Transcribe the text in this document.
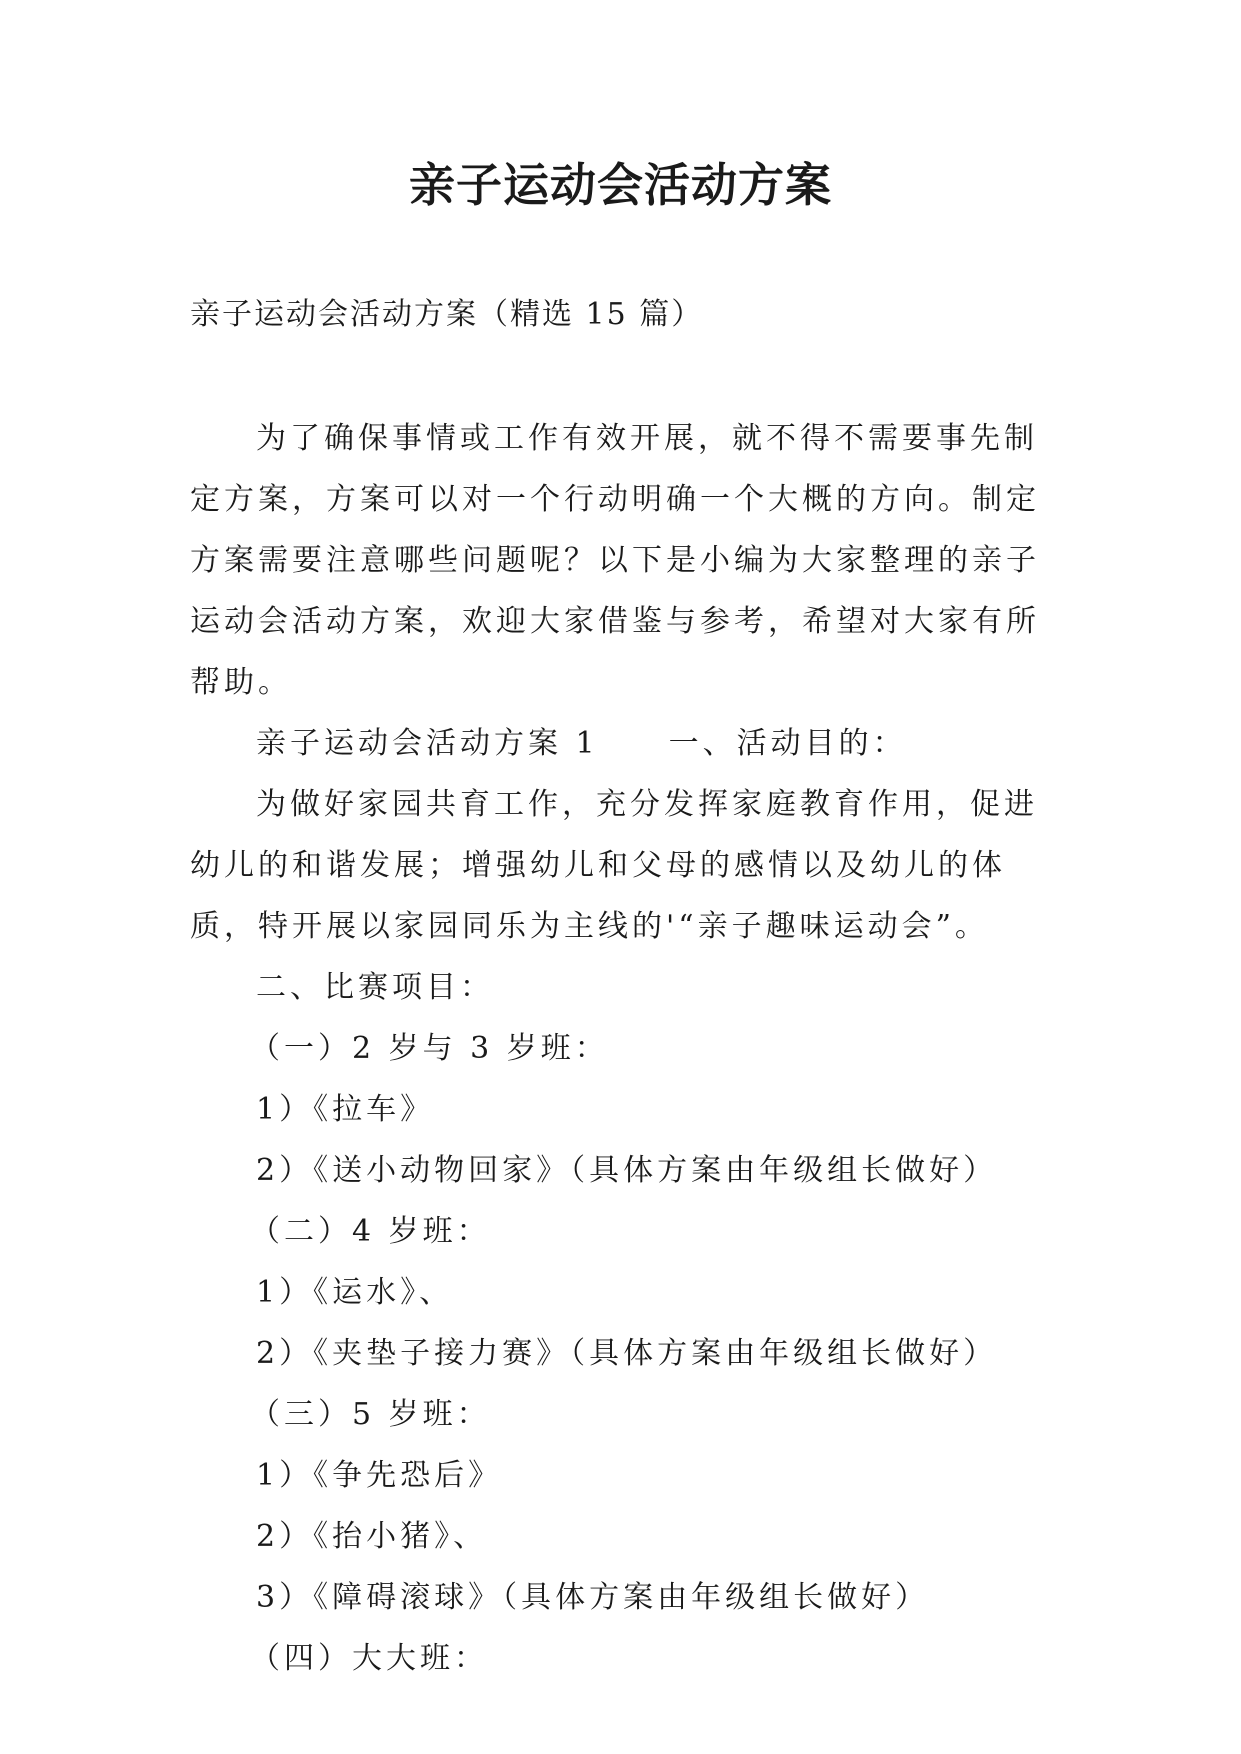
亲子运动会活动方案
亲子运动会活动方案（精选 15 篇）

为了确保事情或工作有效开展，就不得不需要事先制定方案，方案可以对一个行动明确一个大概的方向。制定方案需要注意哪些问题呢？以下是小编为大家整理的亲子运动会活动方案，欢迎大家借鉴与参考，希望对大家有所帮助。

亲子运动会活动方案 1 一、活动目的：

为做好家园共育工作，充分发挥家庭教育作用，促进幼儿的和谐发展；增强幼儿和父母的感情以及幼儿的体质，特开展以家园同乐为主线的'“亲子趣味运动会”。

二、比赛项目：

（一）2 岁与 3 岁班：

1）《拉车》

2）《送小动物回家》（具体方案由年级组长做好）

（二）4 岁班：

1）《运水》、

2）《夹垫子接力赛》（具体方案由年级组长做好）

（三）5 岁班：

1）《争先恐后》

2）《抬小猪》、

3）《障碍滚球》（具体方案由年级组长做好）

（四）大大班：
